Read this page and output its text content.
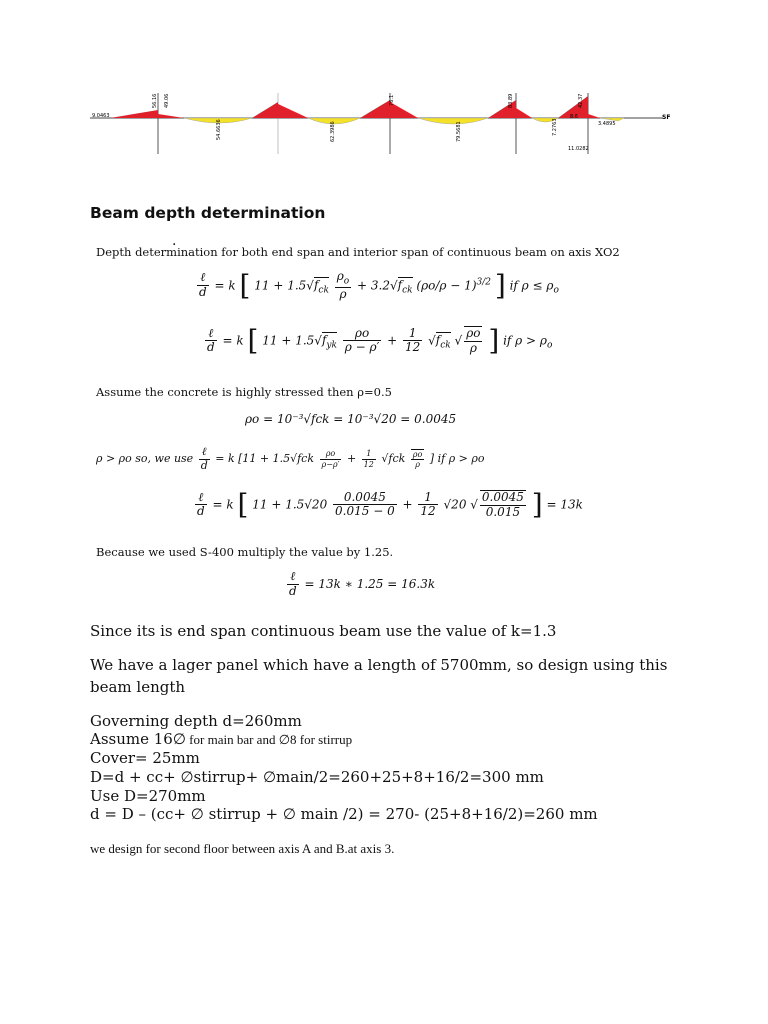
9.0463
56.16 49.06
54.6636	62.3986
76.1
79.5681
83.89
7.2763
8.6
42.37
3.4895
11.0282
SF
Beam depth determination
.
Depth determination for both end span and interior span of continuous beam on axis XO2
$\frac{\text{ℓ}}{d} = k$ [ $11 + 1.5√f_{ck} \frac{\rho_o}{\rho} + 3.2√f_{ck}$ $(\rho o/\rho - 1)^{3/2}$ ] if $\rho \le \rho_o$
$\frac{\text{ℓ}}{d} = k$ [ $11 + 1.5√f_{yk} \frac{\rho o}{\rho - \rho'} + \frac{1}{12} √f_{ck}$ √ $\frac{\rho o}{\rho}$ ] if $\rho > \rho_o$
Assume the concrete is highly stressed then ρ=0.5
ρo = 10⁻³√fck = 10⁻³√20 = 0.0045
ρ > ρo so, we use $\frac{\text{ℓ}}{d} = k$ [$11 + 1.5√fck \frac{\rho o}{\rho-\rho'} + \frac{1}{12} √fck \frac{\rho o}{\rho}$ ] if ρ > ρo
$\frac{\text{ℓ}}{d} = k$ [ $11 + 1.5√20 \frac{0.0045}{0.015 - 0} + \frac{1}{12} √20$ √ $\frac{0.0045}{0.015}$ ] = 13k
Because we used S-400 multiply the value by 1.25.
$\frac{\text{ℓ}}{d} = 13k$ ∗ 1.25 = 16.3k
Since its is end span continuous beam use the value of k=1.3
We have a lager panel which have a length of 5700mm, so design using this
beam length
Governing depth d=260mm
Assume 16∅ for main bar and ∅8 for stirrup
Cover= 25mm
D=d + cc+ ∅stirrup+ ∅main/2=260+25+8+16/2=300 mm
Use D=270mm
d = D – (cc+ ∅ stirrup + ∅ main /2) = 270- (25+8+16/2)=260 mm
we design for second floor between axis A and B.at axis 3.
